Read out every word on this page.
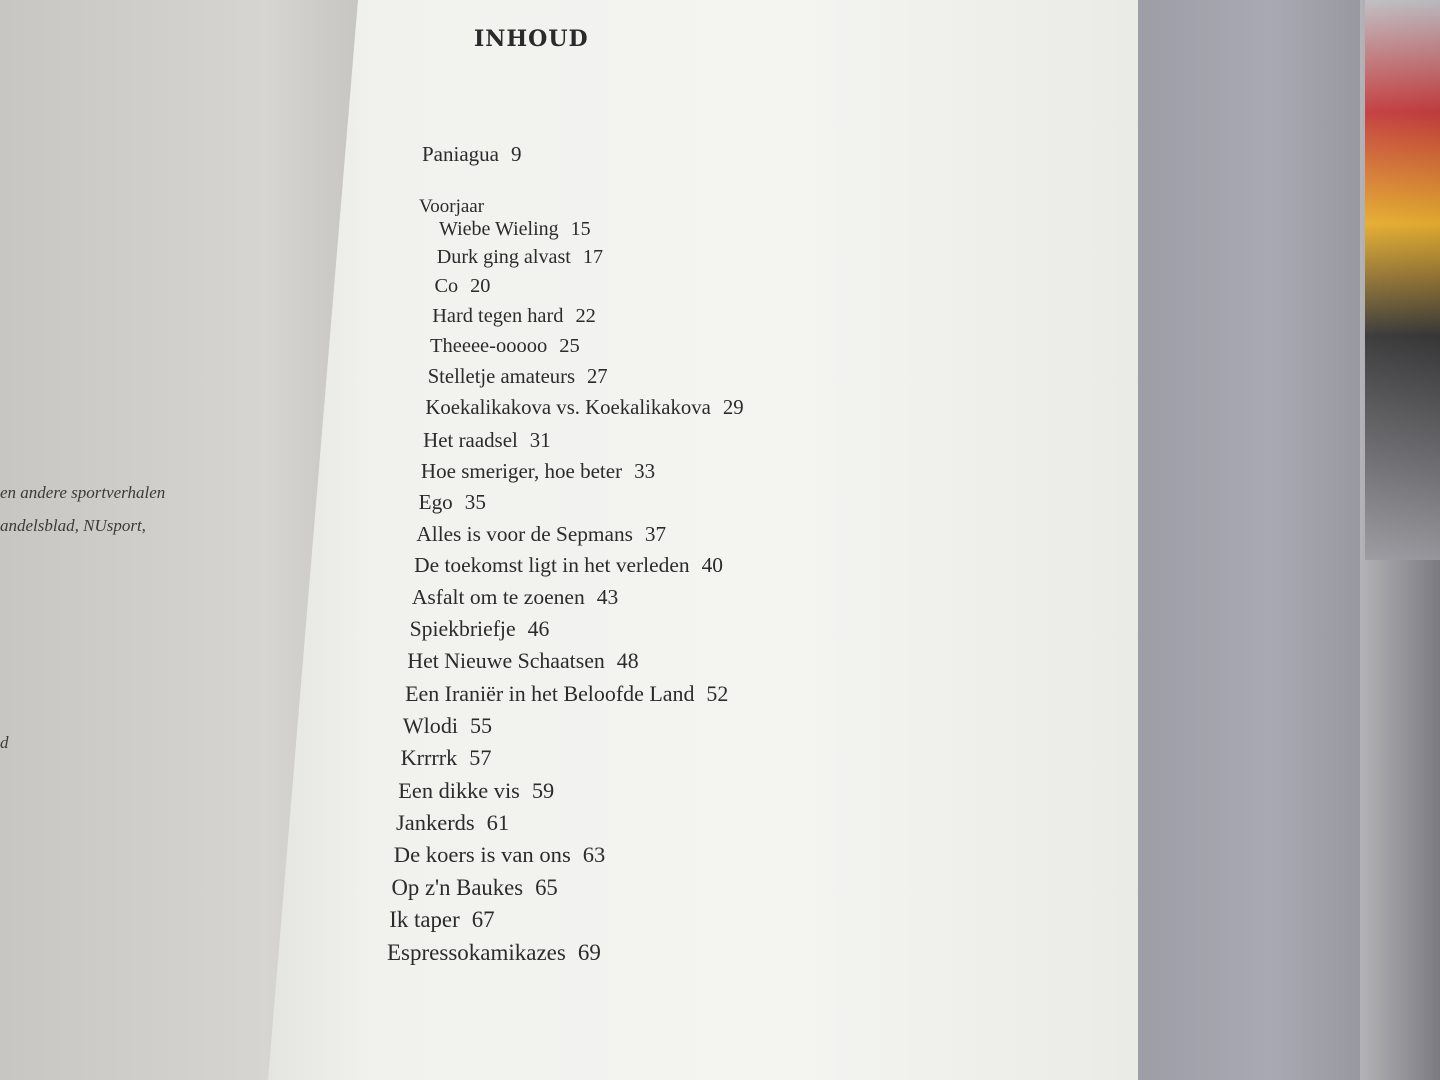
en andere sportverhalen
andelsblad, NUsport,
d
INHOUD
Paniagua 9
Voorjaar
Wiebe Wieling 15
Durk ging alvast 17
Co 20
Hard tegen hard 22
Theeee-ooooo 25
Stelletje amateurs 27
Koekalikakova vs. Koekalikakova 29
Het raadsel 31
Hoe smeriger, hoe beter 33
Ego 35
Alles is voor de Sepmans 37
De toekomst ligt in het verleden 40
Asfalt om te zoenen 43
Spiekbriefje 46
Het Nieuwe Schaatsen 48
Een Iraniër in het Beloofde Land 52
Wlodi 55
Krrrrk 57
Een dikke vis 59
Jankerds 61
De koers is van ons 63
Op z'n Baukes 65
Ik taper 67
Espressokamikazes 69
